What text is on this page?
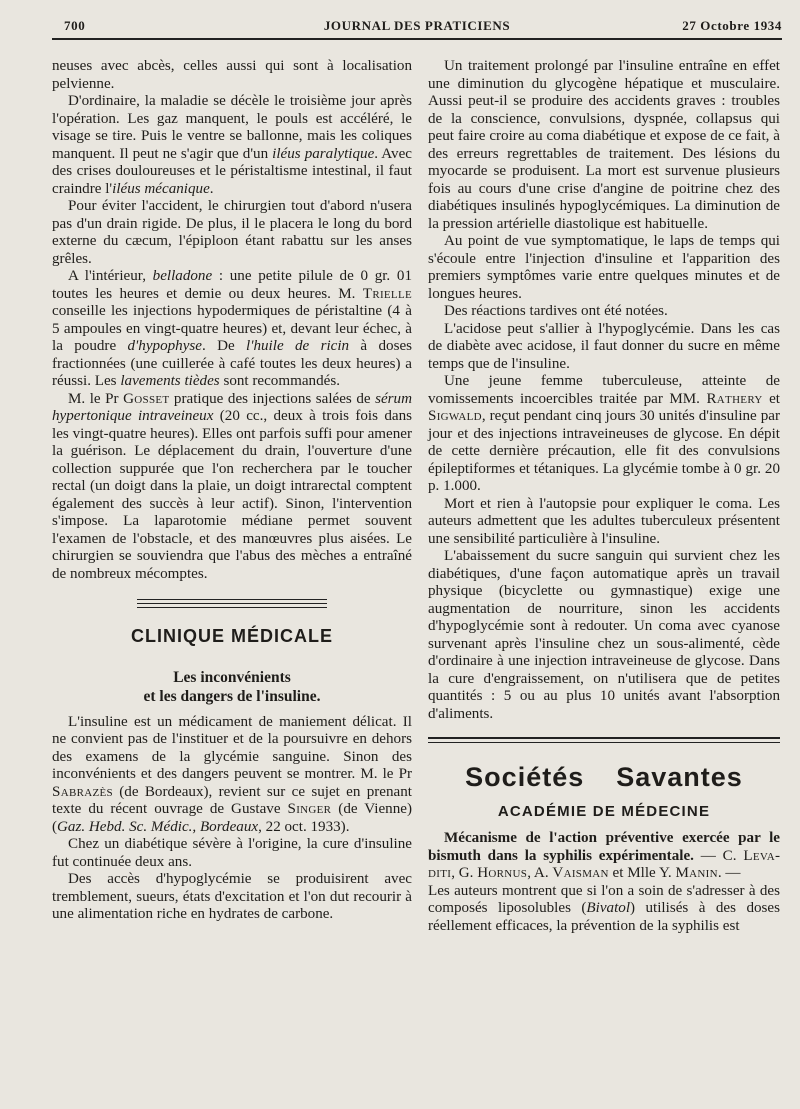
700	JOURNAL DES PRATICIENS	27 Octobre 1934

neuses avec abcès, celles aussi qui sont à localisation pelvienne.

D'ordinaire, la maladie se décèle le troisième jour après l'opération. Les gaz manquent, le pouls est accéléré, le visage se tire. Puis le ventre se ballonne, mais les coliques manquent. Il peut ne s'agir que d'un iléus paralytique. Avec des crises douloureuses et le péristaltisme intestinal, il faut craindre l'iléus mécanique.

Pour éviter l'accident, le chirurgien tout d'abord n'usera pas d'un drain rigide. De plus, il le placera le long du bord externe du cæcum, l'épiploon étant rabattu sur les anses grêles.

A l'intérieur, belladone : une petite pilule de 0 gr. 01 toutes les heures et demie ou deux heures. M. Trielle conseille les injections hypodermiques de péristaltine (4 à 5 ampoules en vingt-quatre heures) et, devant leur échec, à la poudre d'hypophyse. De l'huile de ricin à doses fractionnées (une cuillerée à café toutes les deux heures) a réussi. Les lavements tièdes sont recommandés.

M. le Pr Gosset pratique des injections salées de sérum hypertonique intraveineux (20 cc., deux à trois fois dans les vingt-quatre heures). Elles ont parfois suffi pour amener la guérison. Le déplacement du drain, l'ouverture d'une collection suppurée que l'on recherchera par le toucher rectal (un doigt dans la plaie, un doigt intrarectal comptent également des succès à leur actif). Sinon, l'intervention s'impose. La laparotomie médiane permet souvent l'examen de l'obstacle, et des manœuvres plus aisées. Le chirurgien se souviendra que l'abus des mèches a entraîné de nombreux mécomptes.

CLINIQUE MÉDICALE
Les inconvénients
et les dangers de l'insuline.

L'insuline est un médicament de maniement délicat. Il ne convient pas de l'instituer et de la poursuivre en dehors des examens de la glycémie sanguine. Sinon des inconvénients et des dangers peuvent se montrer. M. le Pr Sabrazès (de Bordeaux), revient sur ce sujet en prenant texte du récent ouvrage de Gustave Singer (de Vienne) (Gaz. Hebd. Sc. Médic., Bordeaux, 22 oct. 1933).

Chez un diabétique sévère à l'origine, la cure d'insuline fut continuée deux ans.

Des accès d'hypoglycémie se produisirent avec tremblement, sueurs, états d'excitation et l'on dut recourir à une alimentation riche en hydrates de carbone.

Un traitement prolongé par l'insuline entraîne en effet une diminution du glycogène hépatique et musculaire. Aussi peut-il se produire des accidents graves : troubles de la conscience, convulsions, dyspnée, collapsus qui peut faire croire au coma diabétique et expose de ce fait, à des erreurs regrettables de traitement. Des lésions du myocarde se produisent. La mort est survenue plusieurs fois au cours d'une crise d'angine de poitrine chez des diabétiques insulinés hypoglycémiques. La diminution de la pression artérielle diastolique est habituelle.

Au point de vue symptomatique, le laps de temps qui s'écoule entre l'injection d'insuline et l'apparition des premiers symptômes varie entre quelques minutes et de longues heures.

Des réactions tardives ont été notées.

L'acidose peut s'allier à l'hypoglycémie. Dans les cas de diabète avec acidose, il faut donner du sucre en même temps que de l'insuline.

Une jeune femme tuberculeuse, atteinte de vomissements incoercibles traitée par MM. Rathery et Sigwald, reçut pendant cinq jours 30 unités d'insuline par jour et des injections intraveineuses de glycose. En dépit de cette dernière précaution, elle fit des convulsions épileptiformes et tétaniques. La glycémie tombe à 0 gr. 20 p. 1.000.

Mort et rien à l'autopsie pour expliquer le coma. Les auteurs admettent que les adultes tuberculeux présentent une sensibilité particulière à l'insuline.

L'abaissement du sucre sanguin qui survient chez les diabétiques, d'une façon automatique après un travail physique (bicyclette ou gymnastique) exige une augmentation de nourriture, sinon les accidents d'hypoglycémie sont à redouter. Un coma avec cyanose survenant après l'insuline chez un sous-alimenté, cède d'ordinaire à une injection intraveineuse de glycose. Dans la cure d'engraissement, on n'utilisera que de petites quantités : 5 ou au plus 10 unités avant l'absorption d'aliments.

Sociétés Savantes
ACADÉMIE DE MÉDECINE

Mécanisme de l'action préventive exercée par le bismuth dans la syphilis expérimentale. — C. Levaditi, G. Hornus, A. Vaisman et Mlle Y. Manin. —

Les auteurs montrent que si l'on a soin de s'adresser à des composés liposolubles (Bivatol) utilisés à des doses réellement efficaces, la prévention de la syphilis est
